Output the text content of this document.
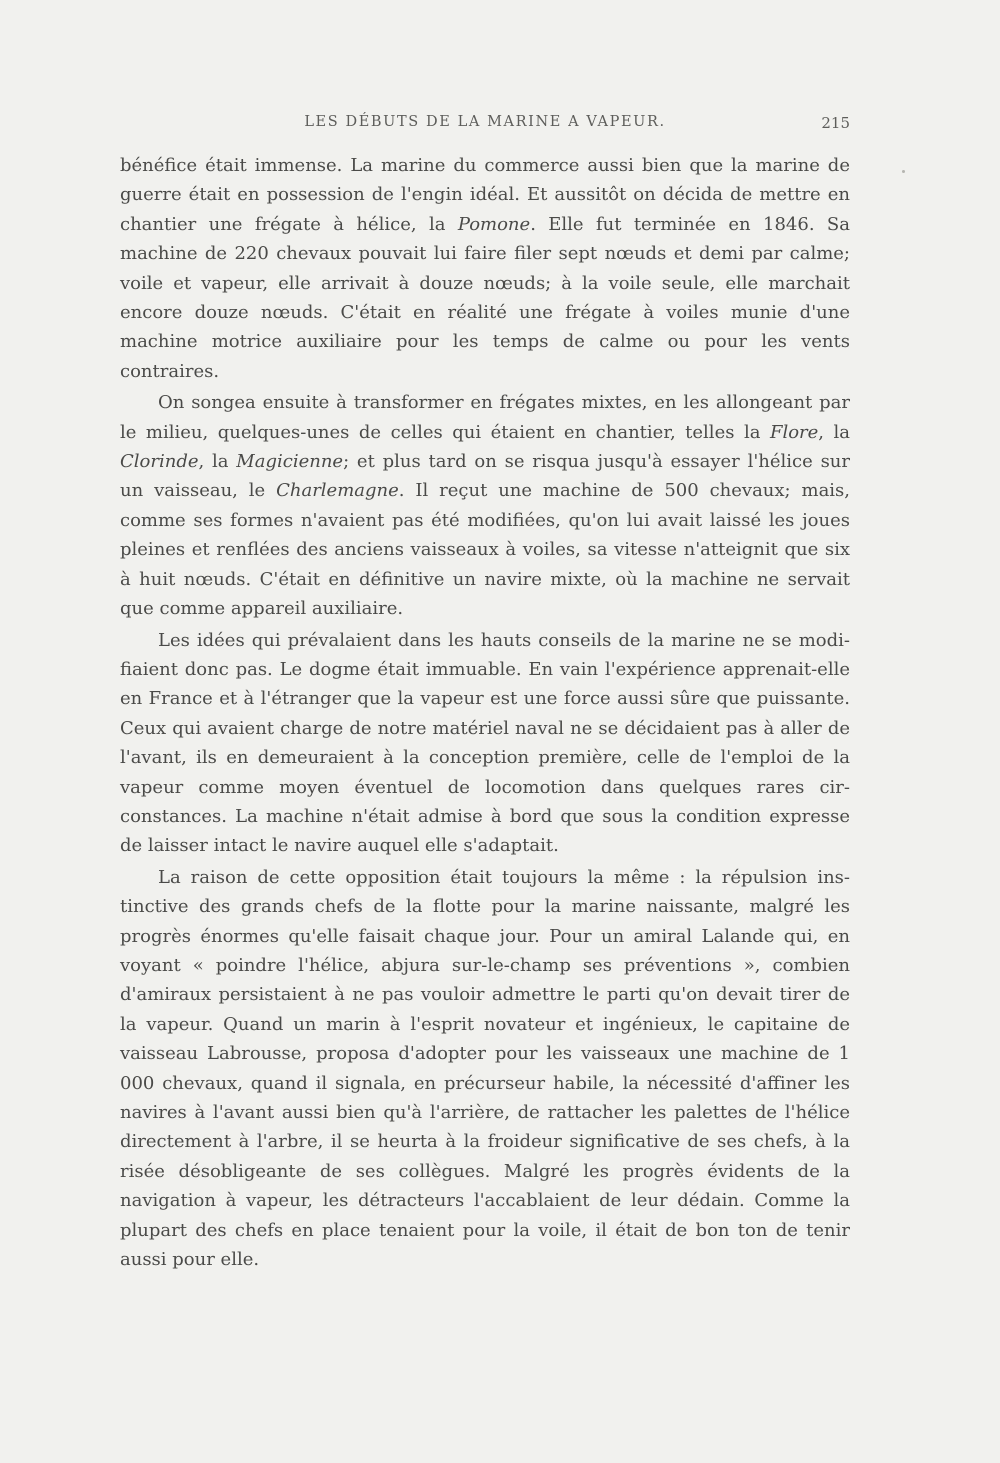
LES DÉBUTS DE LA MARINE A VAPEUR.	215

bénéfice était immense. La marine du commerce aussi bien que la marine de guerre était en possession de l'engin idéal. Et aussitôt on décida de mettre en chantier une frégate à hélice, la Pomone. Elle fut terminée en 1846. Sa machine de 220 chevaux pouvait lui faire filer sept nœuds et demi par calme; voile et vapeur, elle arrivait à douze nœuds; à la voile seule, elle marchait encore douze nœuds. C'était en réalité une frégate à voiles munie d'une machine motrice auxiliaire pour les temps de calme ou pour les vents contraires.

On songea ensuite à transformer en frégates mixtes, en les allongeant par le milieu, quelques-unes de celles qui étaient en chantier, telles la Flore, la Clorinde, la Magicienne; et plus tard on se risqua jusqu'à essayer l'hélice sur un vaisseau, le Charlemagne. Il reçut une machine de 500 chevaux; mais, comme ses formes n'avaient pas été modifiées, qu'on lui avait laissé les joues pleines et renflées des anciens vaisseaux à voiles, sa vitesse n'atteignit que six à huit nœuds. C'était en définitive un navire mixte, où la machine ne servait que comme appareil auxiliaire.

Les idées qui prévalaient dans les hauts conseils de la marine ne se modifiaient donc pas. Le dogme était immuable. En vain l'expérience apprenait-elle en France et à l'étranger que la vapeur est une force aussi sûre que puissante. Ceux qui avaient charge de notre matériel naval ne se décidaient pas à aller de l'avant, ils en demeuraient à la conception première, celle de l'emploi de la vapeur comme moyen éventuel de locomotion dans quelques rares circonstances. La machine n'était admise à bord que sous la condition expresse de laisser intact le navire auquel elle s'adaptait.

La raison de cette opposition était toujours la même : la répulsion instinctive des grands chefs de la flotte pour la marine naissante, malgré les progrès énormes qu'elle faisait chaque jour. Pour un amiral Lalande qui, en voyant « poindre l'hélice, abjura sur-le-champ ses préventions », combien d'amiraux persistaient à ne pas vouloir admettre le parti qu'on devait tirer de la vapeur. Quand un marin à l'esprit novateur et ingénieux, le capitaine de vaisseau Labrousse, proposa d'adopter pour les vaisseaux une machine de 1 000 chevaux, quand il signala, en précurseur habile, la nécessité d'affiner les navires à l'avant aussi bien qu'à l'arrière, de rattacher les palettes de l'hélice directement à l'arbre, il se heurta à la froideur significative de ses chefs, à la risée désobligeante de ses collègues. Malgré les progrès évidents de la navigation à vapeur, les détracteurs l'accablaient de leur dédain. Comme la plupart des chefs en place tenaient pour la voile, il était de bon ton de tenir aussi pour elle.
